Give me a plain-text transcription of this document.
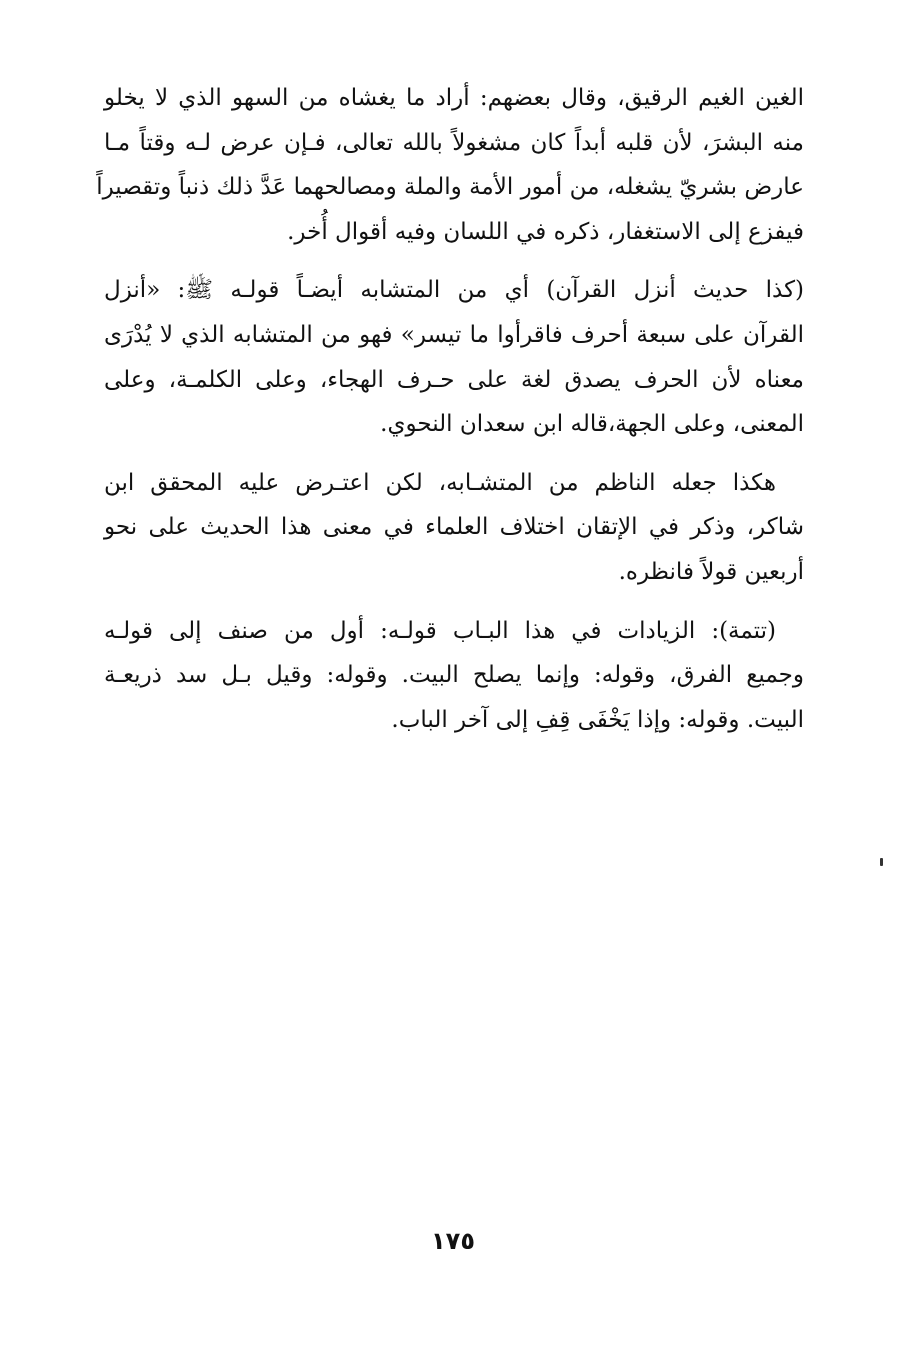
الغين الغيم الرقيق، وقال بعضهم: أراد ما يغشاه من السهو الذي لا يخلو
منه البشرَ، لأن قلبه أبداً كان مشغولاً بالله تعالى، فـإن عرض لـه وقتاً مـا
عارض بشريّ يشغله، من أمور الأمة والملة ومصالحهما عَدَّ ذلك ذنباً وتقصيراً
فيفزع إلى الاستغفار، ذكره في اللسان وفيه أقوال أُخر.

(كذا حديث أنزل القرآن) أي من المتشابه أيضـاً قولـه ﷺ: «أنزل
القرآن على سبعة أحرف فاقرأوا ما تيسر» فهو من المتشابه الذي لا يُدْرَى
معناه لأن الحرف يصدق لغة على حـرف الهجاء، وعلى الكلمـة، وعلى
المعنى، وعلى الجهة،قاله ابن سعدان النحوي.

هكذا جعله الناظم من المتشـابه، لكن اعتـرض عليه المحقق ابن
شاكر، وذكر في الإتقان اختلاف العلماء في معنى هذا الحديث على نحو
أربعين قولاً فانظره.

(تتمة): الزيادات في هذا البـاب قولـه: أول من صنف إلى قولـه
وجميع الفرق، وقوله: وإنما يصلح البيت. وقوله: وقيل بـل سد ذريعـة
البيت. وقوله: وإذا يَخْفَى قِفِ إلى آخر الباب.

١٧٥
